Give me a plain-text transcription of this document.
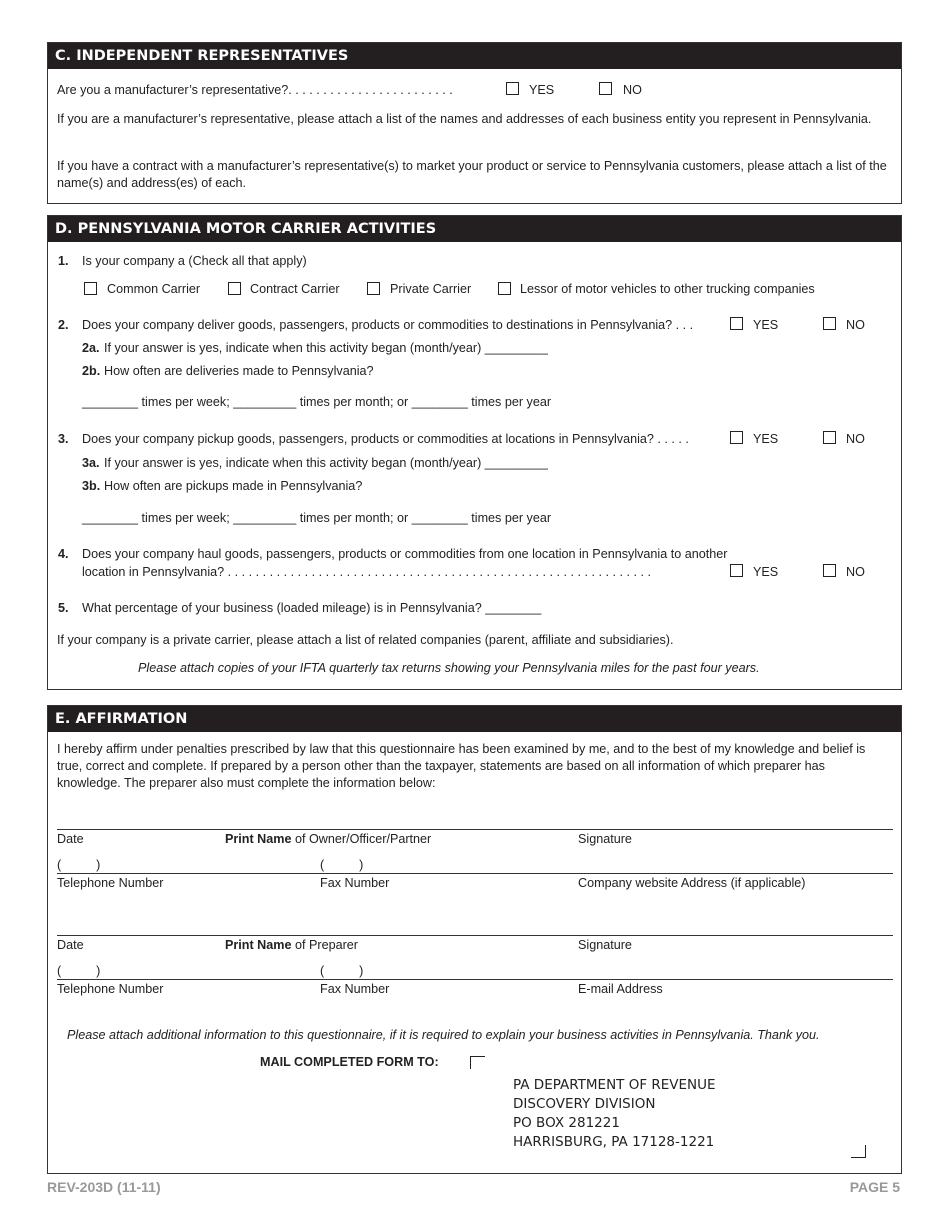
C. INDEPENDENT REPRESENTATIVES
Are you a manufacturer’s representative?. . . . . . . . . . . . . . . . . . . . . . . .	YES	NO
If you are a manufacturer’s representative, please attach a list of the names and addresses of each business entity you represent in Pennsylvania.
If you have a contract with a manufacturer’s representative(s) to market your product or service to Pennsylvania customers, please attach a list of the name(s) and address(es) of each.
D. PENNSYLVANIA MOTOR CARRIER ACTIVITIES
1. Is your company a (Check all that apply)
Common Carrier	Contract Carrier	Private Carrier	Lessor of motor vehicles to other trucking companies
2. Does your company deliver goods, passengers, products or commodities to destinations in Pennsylvania? . . .	YES	NO
2a. If your answer is yes, indicate when this activity began (month/year) _________
2b. How often are deliveries made to Pennsylvania?
________ times per week; _________ times per month; or ________ times per year
3. Does your company pickup goods, passengers, products or commodities at locations in Pennsylvania? . . . . .	YES	NO
3a. If your answer is yes, indicate when this activity began (month/year) _________
3b. How often are pickups made in Pennsylvania?
________ times per week; _________ times per month; or ________ times per year
4. Does your company haul goods, passengers, products or commodities from one location in Pennsylvania to another
location in Pennsylvania? . . . . . . . . . . . . . . . . . . . . . . . . . . . . . . . . . . . . . . . . . . . . . . . . . . . . . . . . . . . . .	YES	NO
5. What percentage of your business (loaded mileage) is in Pennsylvania? ________
If your company is a private carrier, please attach a list of related companies (parent, affiliate and subsidiaries).
Please attach copies of your IFTA quarterly tax returns showing your Pennsylvania miles for the past four years.
E. AFFIRMATION
I hereby affirm under penalties prescribed by law that this questionnaire has been examined by me, and to the best of my knowledge and belief is true, correct and complete. If prepared by a person other than the taxpayer, statements are based on all information of which preparer has knowledge. The preparer also must complete the information below:
Date	Print Name of Owner/Officer/Partner	Signature
(          )	(          )
Telephone Number	Fax Number	Company website Address (if applicable)
Date	Print Name of Preparer	Signature
(          )	(          )
Telephone Number	Fax Number	E-mail Address
Please attach additional information to this questionnaire, if it is required to explain your business activities in Pennsylvania. Thank you.
MAIL COMPLETED FORM TO:
PA DEPARTMENT OF REVENUE
DISCOVERY DIVISION
PO BOX 281221
HARRISBURG, PA 17128-1221
REV-203D (11-11)	PAGE 5
